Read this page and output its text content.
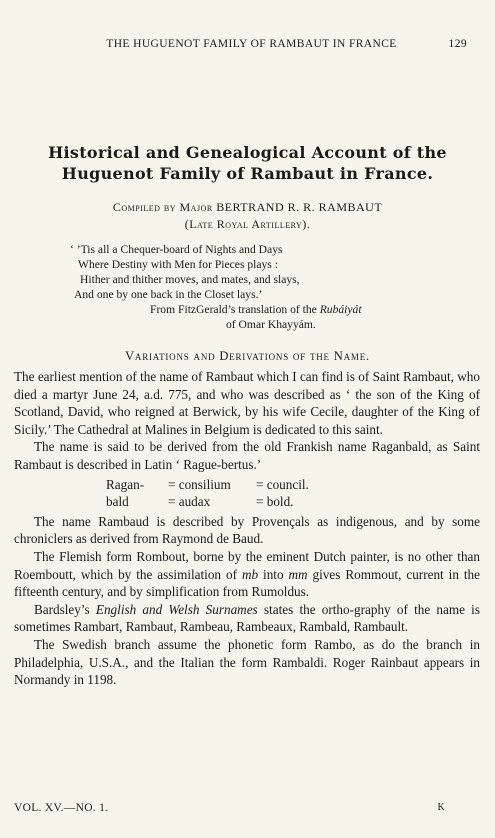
THE HUGUENOT FAMILY OF RAMBAUT IN FRANCE	129
Historical and Genealogical Account of the
Huguenot Family of Rambaut in France.
Compiled by Major BERTRAND R. R. RAMBAUT
(Late Royal Artillery).
‘ ’Tis all a Chequer-board of Nights and Days
Where Destiny with Men for Pieces plays :
Hither and thither moves, and mates, and slays,
And one by one back in the Closet lays.’
From FitzGerald’s translation of the Rubáiyát
of Omar Khayyám.
Variations and Derivations of the Name.

The earliest mention of the name of Rambaut which I can find is of Saint Rambaut, who died a martyr June 24, a.d. 775, and who was described as ‘ the son of the King of Scotland, David, who reigned at Berwick, by his wife Cecile, daughter of the King of Sicily.’ The Cathedral at Malines in Belgium is dedicated to this saint.

The name is said to be derived from the old Frankish name Raganbald, as Saint Rambaut is described in Latin ‘ Rague-bertus.’

Ragan- = consilium = council.
bald	= audax	= bold.

The name Rambaud is described by Provençals as indigenous, and by some chroniclers as derived from Raymond de Baud.

The Flemish form Rombout, borne by the eminent Dutch painter, is no other than Roemboutt, which by the assimilation of mb into mm gives Rommout, current in the fifteenth century, and by simplification from Rumoldus.

Bardsley’s English and Welsh Surnames states the ortho-graphy of the name is sometimes Rambart, Rambaut, Rambeau, Rambeaux, Rambald, Rambault.

The Swedish branch assume the phonetic form Rambo, as do the branch in Philadelphia, U.S.A., and the Italian the form Rambaldi. Roger Rainbaut appears in Normandy in 1198.

VOL. XV.—NO. 1.	K
